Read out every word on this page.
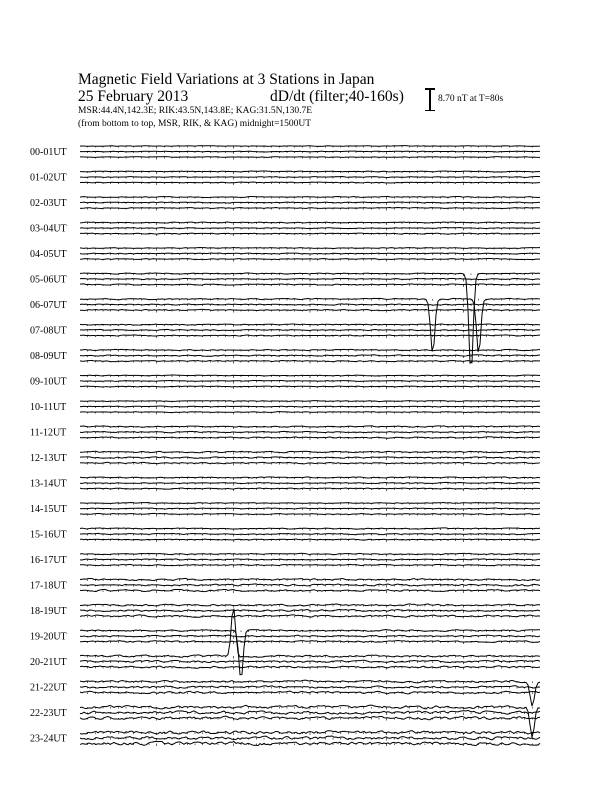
Magnetic Field Variations at 3 Stations in Japan
25 February 2013	dD/dt (filter;40-160s)
MSR:44.4N,142.3E; RIK:43.5N,143.8E; KAG:31.5N,130.7E
(from bottom to top, MSR, RIK, & KAG) midnight=1500UT
8.70 nT at T=80s
00-01UT
01-02UT
02-03UT
03-04UT
04-05UT
05-06UT
06-07UT
07-08UT
08-09UT
09-10UT
10-11UT
11-12UT
12-13UT
13-14UT
14-15UT
15-16UT
16-17UT
17-18UT
18-19UT
19-20UT
20-21UT
21-22UT
22-23UT
23-24UT
